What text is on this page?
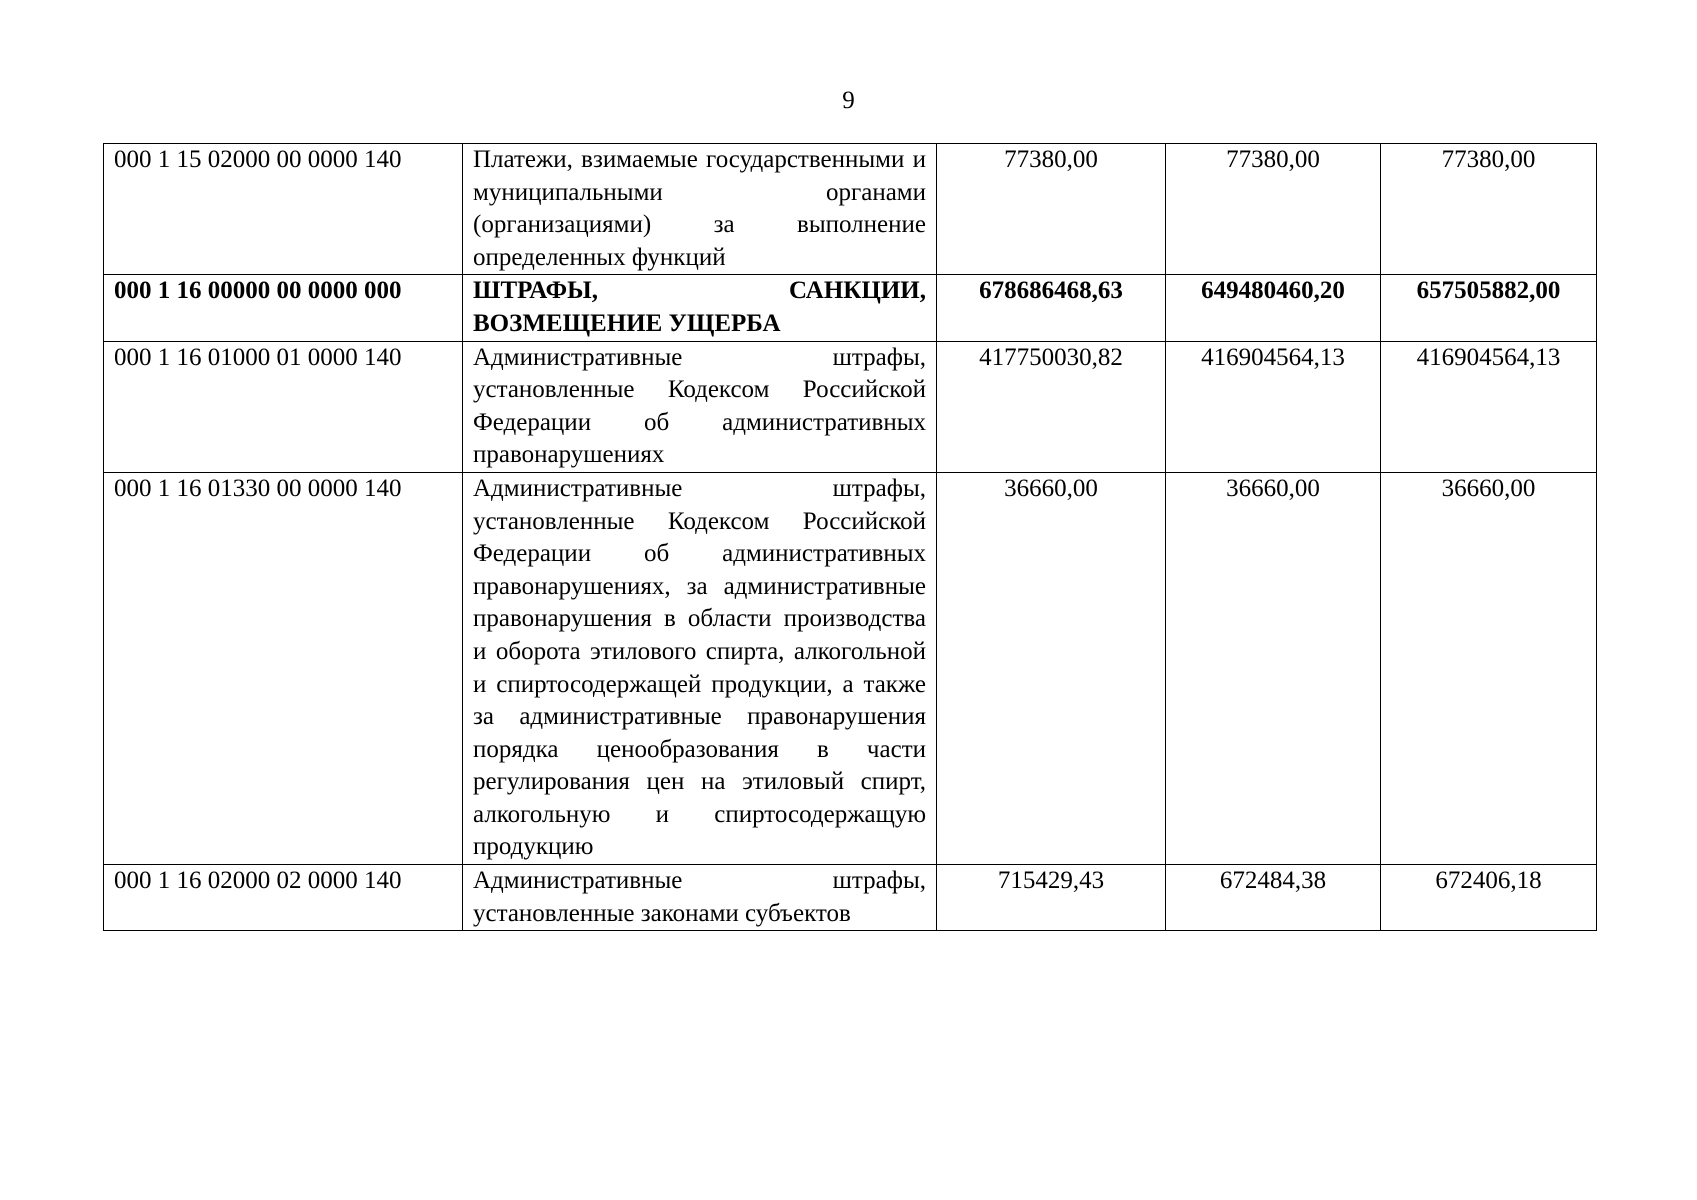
9
000 1 15 02000 00 0000 140	Платежи, взимаемые государственными и муниципальными органами (организациями) за выполнение определенных функций	77380,00	77380,00	77380,00
000 1 16 00000 00 0000 000	ШТРАФЫ, САНКЦИИ, ВОЗМЕЩЕНИЕ УЩЕРБА	678686468,63	649480460,20	657505882,00
000 1 16 01000 01 0000 140	Административные штрафы, установленные Кодексом Российской Федерации об административных правонарушениях	417750030,82	416904564,13	416904564,13
000 1 16 01330 00 0000 140	Административные штрафы, установленные Кодексом Российской Федерации об административных правонарушениях, за административные правонарушения в области производства и оборота этилового спирта, алкогольной и спиртосодержащей продукции, а также за административные правонарушения порядка ценообразования в части регулирования цен на этиловый спирт, алкогольную и спиртосодержащую продукцию	36660,00	36660,00	36660,00
000 1 16 02000 02 0000 140	Административные штрафы, установленные законами субъектов	715429,43	672484,38	672406,18
